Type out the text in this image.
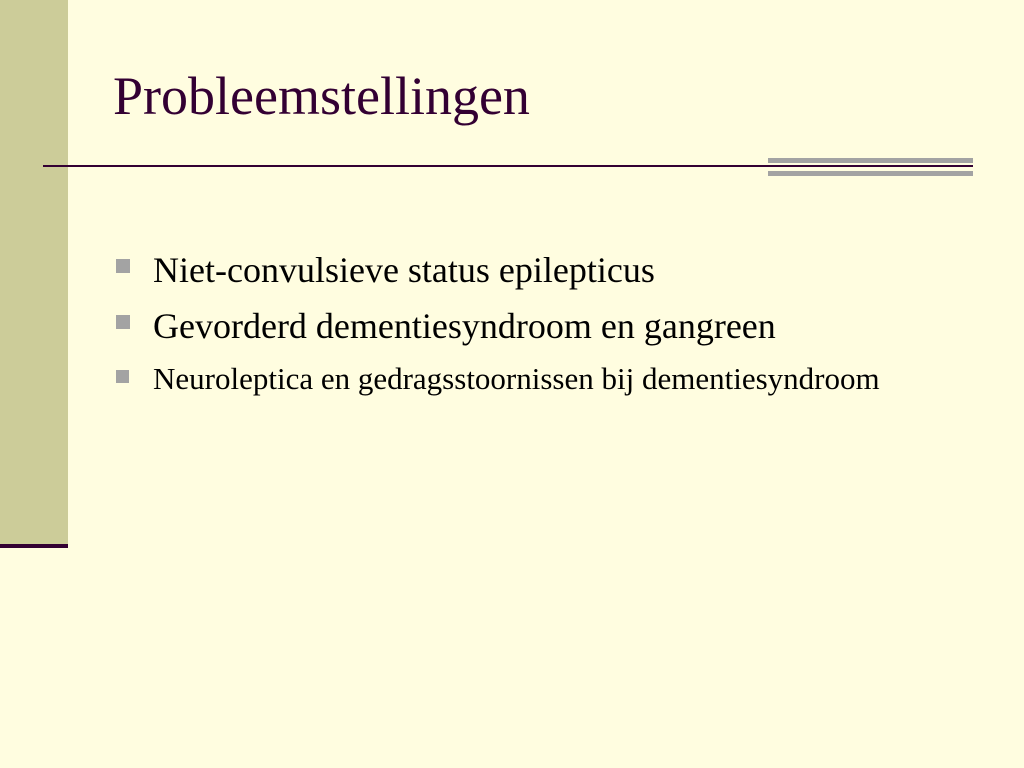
Probleemstellingen
Niet-convulsieve status epilepticus
Gevorderd dementiesyndroom en gangreen
Neuroleptica en gedragsstoornissen bij dementiesyndroom
